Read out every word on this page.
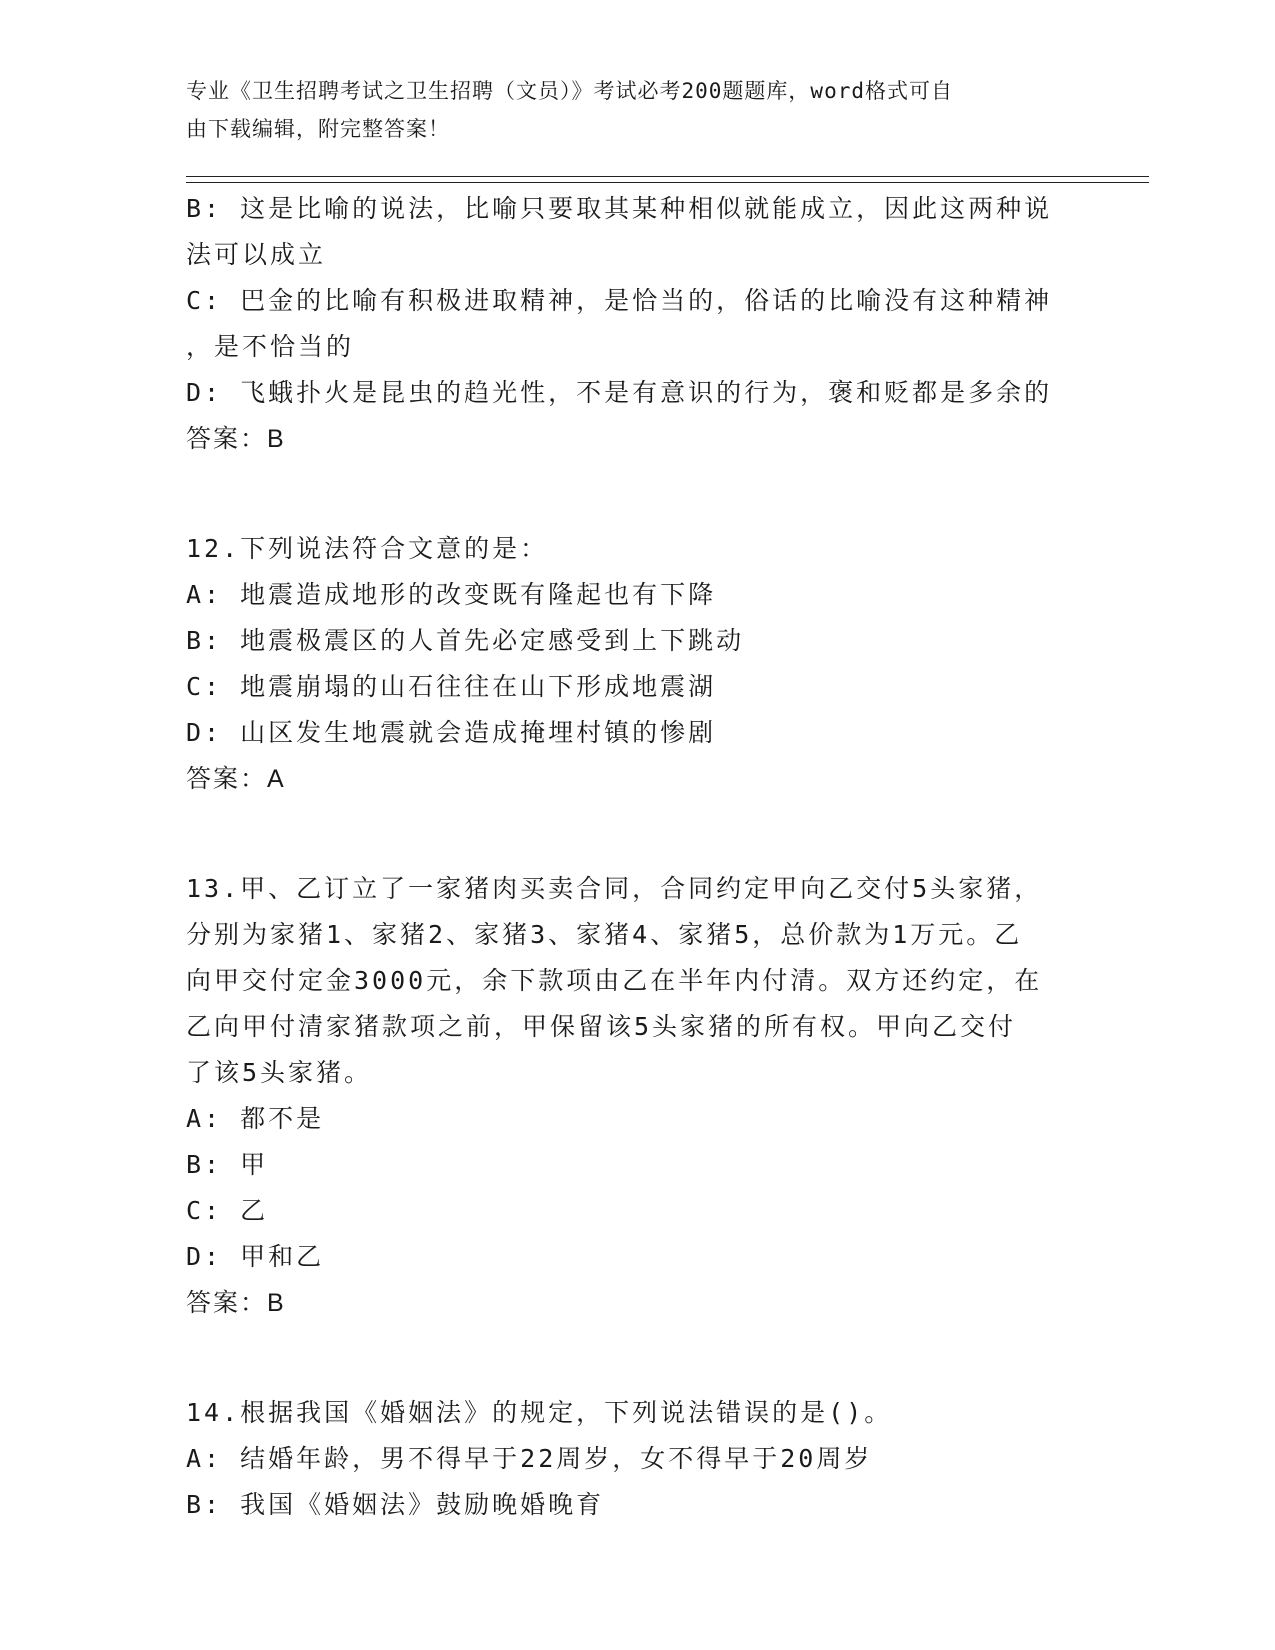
专业《卫生招聘考试之卫生招聘（文员）》考试必考200题题库，word格式可自
由下载编辑，附完整答案！
B: 这是比喻的说法，比喻只要取其某种相似就能成立，因此这两种说
法可以成立
C: 巴金的比喻有积极进取精神，是恰当的，俗话的比喻没有这种精神
，是不恰当的
D: 飞蛾扑火是昆虫的趋光性，不是有意识的行为，褒和贬都是多余的
答案：B
12.下列说法符合文意的是：
A: 地震造成地形的改变既有隆起也有下降
B: 地震极震区的人首先必定感受到上下跳动
C: 地震崩塌的山石往往在山下形成地震湖
D: 山区发生地震就会造成掩埋村镇的惨剧
答案：A
13.甲、乙订立了一家猪肉买卖合同，合同约定甲向乙交付5头家猪，
分别为家猪1、家猪2、家猪3、家猪4、家猪5，总价款为1万元。乙
向甲交付定金3000元，余下款项由乙在半年内付清。双方还约定，在
乙向甲付清家猪款项之前，甲保留该5头家猪的所有权。甲向乙交付
了该5头家猪。
A: 都不是
B: 甲
C: 乙
D: 甲和乙
答案：B
14.根据我国《婚姻法》的规定，下列说法错误的是()。
A: 结婚年龄，男不得早于22周岁，女不得早于20周岁
B: 我国《婚姻法》鼓励晚婚晚育
